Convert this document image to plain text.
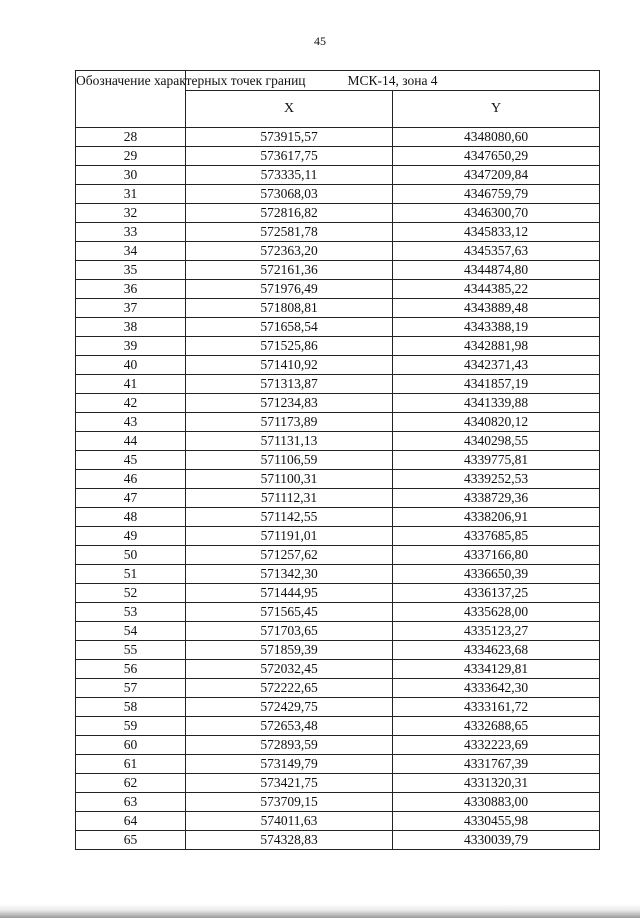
45
Обозначение характерных точек границ	МСК-14, зона 4	
	X	Y
28	573915,57	4348080,60
29	573617,75	4347650,29
30	573335,11	4347209,84
31	573068,03	4346759,79
32	572816,82	4346300,70
33	572581,78	4345833,12
34	572363,20	4345357,63
35	572161,36	4344874,80
36	571976,49	4344385,22
37	571808,81	4343889,48
38	571658,54	4343388,19
39	571525,86	4342881,98
40	571410,92	4342371,43
41	571313,87	4341857,19
42	571234,83	4341339,88
43	571173,89	4340820,12
44	571131,13	4340298,55
45	571106,59	4339775,81
46	571100,31	4339252,53
47	571112,31	4338729,36
48	571142,55	4338206,91
49	571191,01	4337685,85
50	571257,62	4337166,80
51	571342,30	4336650,39
52	571444,95	4336137,25
53	571565,45	4335628,00
54	571703,65	4335123,27
55	571859,39	4334623,68
56	572032,45	4334129,81
57	572222,65	4333642,30
58	572429,75	4333161,72
59	572653,48	4332688,65
60	572893,59	4332223,69
61	573149,79	4331767,39
62	573421,75	4331320,31
63	573709,15	4330883,00
64	574011,63	4330455,98
65	574328,83	4330039,79
